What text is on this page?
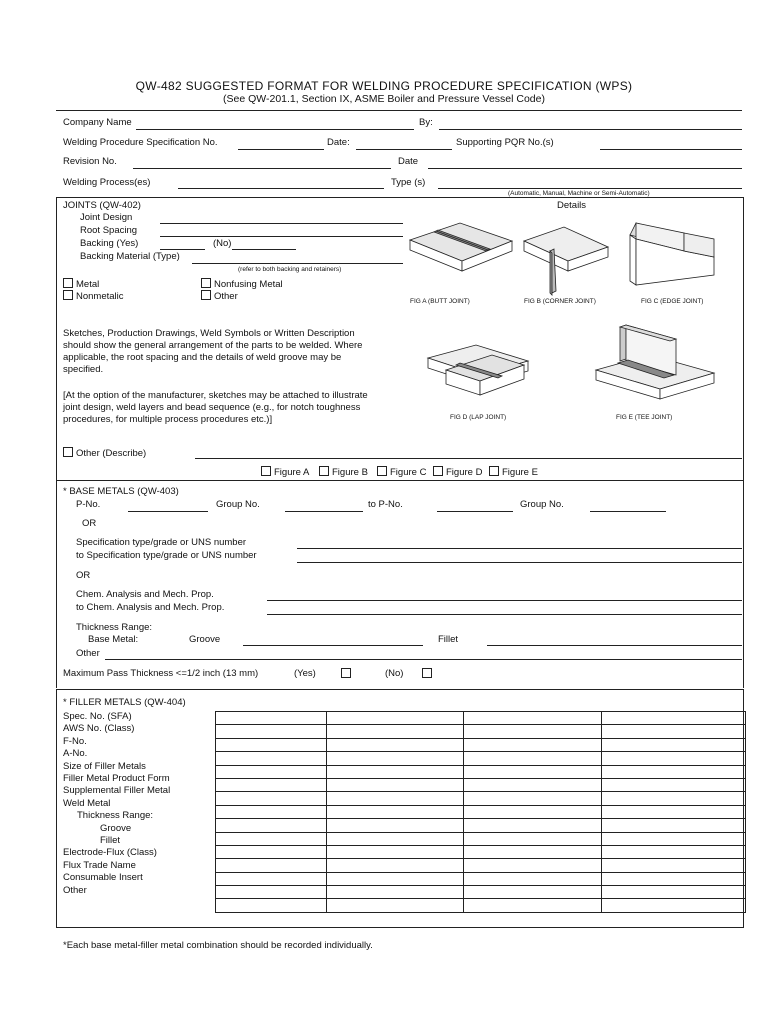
QW-482 SUGGESTED FORMAT FOR WELDING PROCEDURE SPECIFICATION (WPS)
(See QW-201.1, Section IX, ASME Boiler and Pressure Vessel Code)
Company Name	By:
Welding Procedure Specification No.	Date:	Supporting PQR No.(s)
Revision No.	Date
Welding Process(es)	Type (s)
(Automatic, Manual, Machine or Semi-Automatic)
JOINTS (QW-402)	Details
Joint Design
Root Spacing
Backing (Yes)	(No)
Backing Material (Type)
(refer to both backing and retainers)
Metal	Nonfusing Metal
Nonmetalic	Other
Sketches, Production Drawings, Weld Symbols or Written Description
should show the general arrangement of the parts to be welded. Where
applicable, the root spacing and the details of weld groove may be
specified.
[At the option of the manufacturer, sketches may be attached to illustrate
joint design, weld layers and bead sequence (e.g., for notch toughness
procedures, for multiple process procedures etc.)]
Other (Describe)
Figure A	Figure B	Figure C	Figure D	Figure E
FIG A (BUTT JOINT)	FIG B (CORNER JOINT)	FIG C (EDGE JOINT)
FIG D (LAP JOINT)	FIG E (TEE JOINT)
* BASE METALS (QW-403)
P-No.	Group No.	to P-No.	Group No.
OR
Specification type/grade or UNS number
to Specification type/grade or UNS number
OR
Chem. Analysis and Mech. Prop.
to Chem. Analysis and Mech. Prop.
Thickness Range:
Base Metal:	Groove	Fillet
Other
Maximum Pass Thickness <=1/2 inch (13 mm)	(Yes)	(No)
* FILLER METALS (QW-404)
Spec. No. (SFA)
AWS No. (Class)
F-No.
A-No.
Size of Filler Metals
Filler Metal Product Form
Supplemental Filler Metal
Weld Metal
Thickness Range:
Groove
Fillet
Electrode-Flux (Class)
Flux Trade Name
Consumable Insert
Other

*Each base metal-filler metal combination should be recorded individually.
